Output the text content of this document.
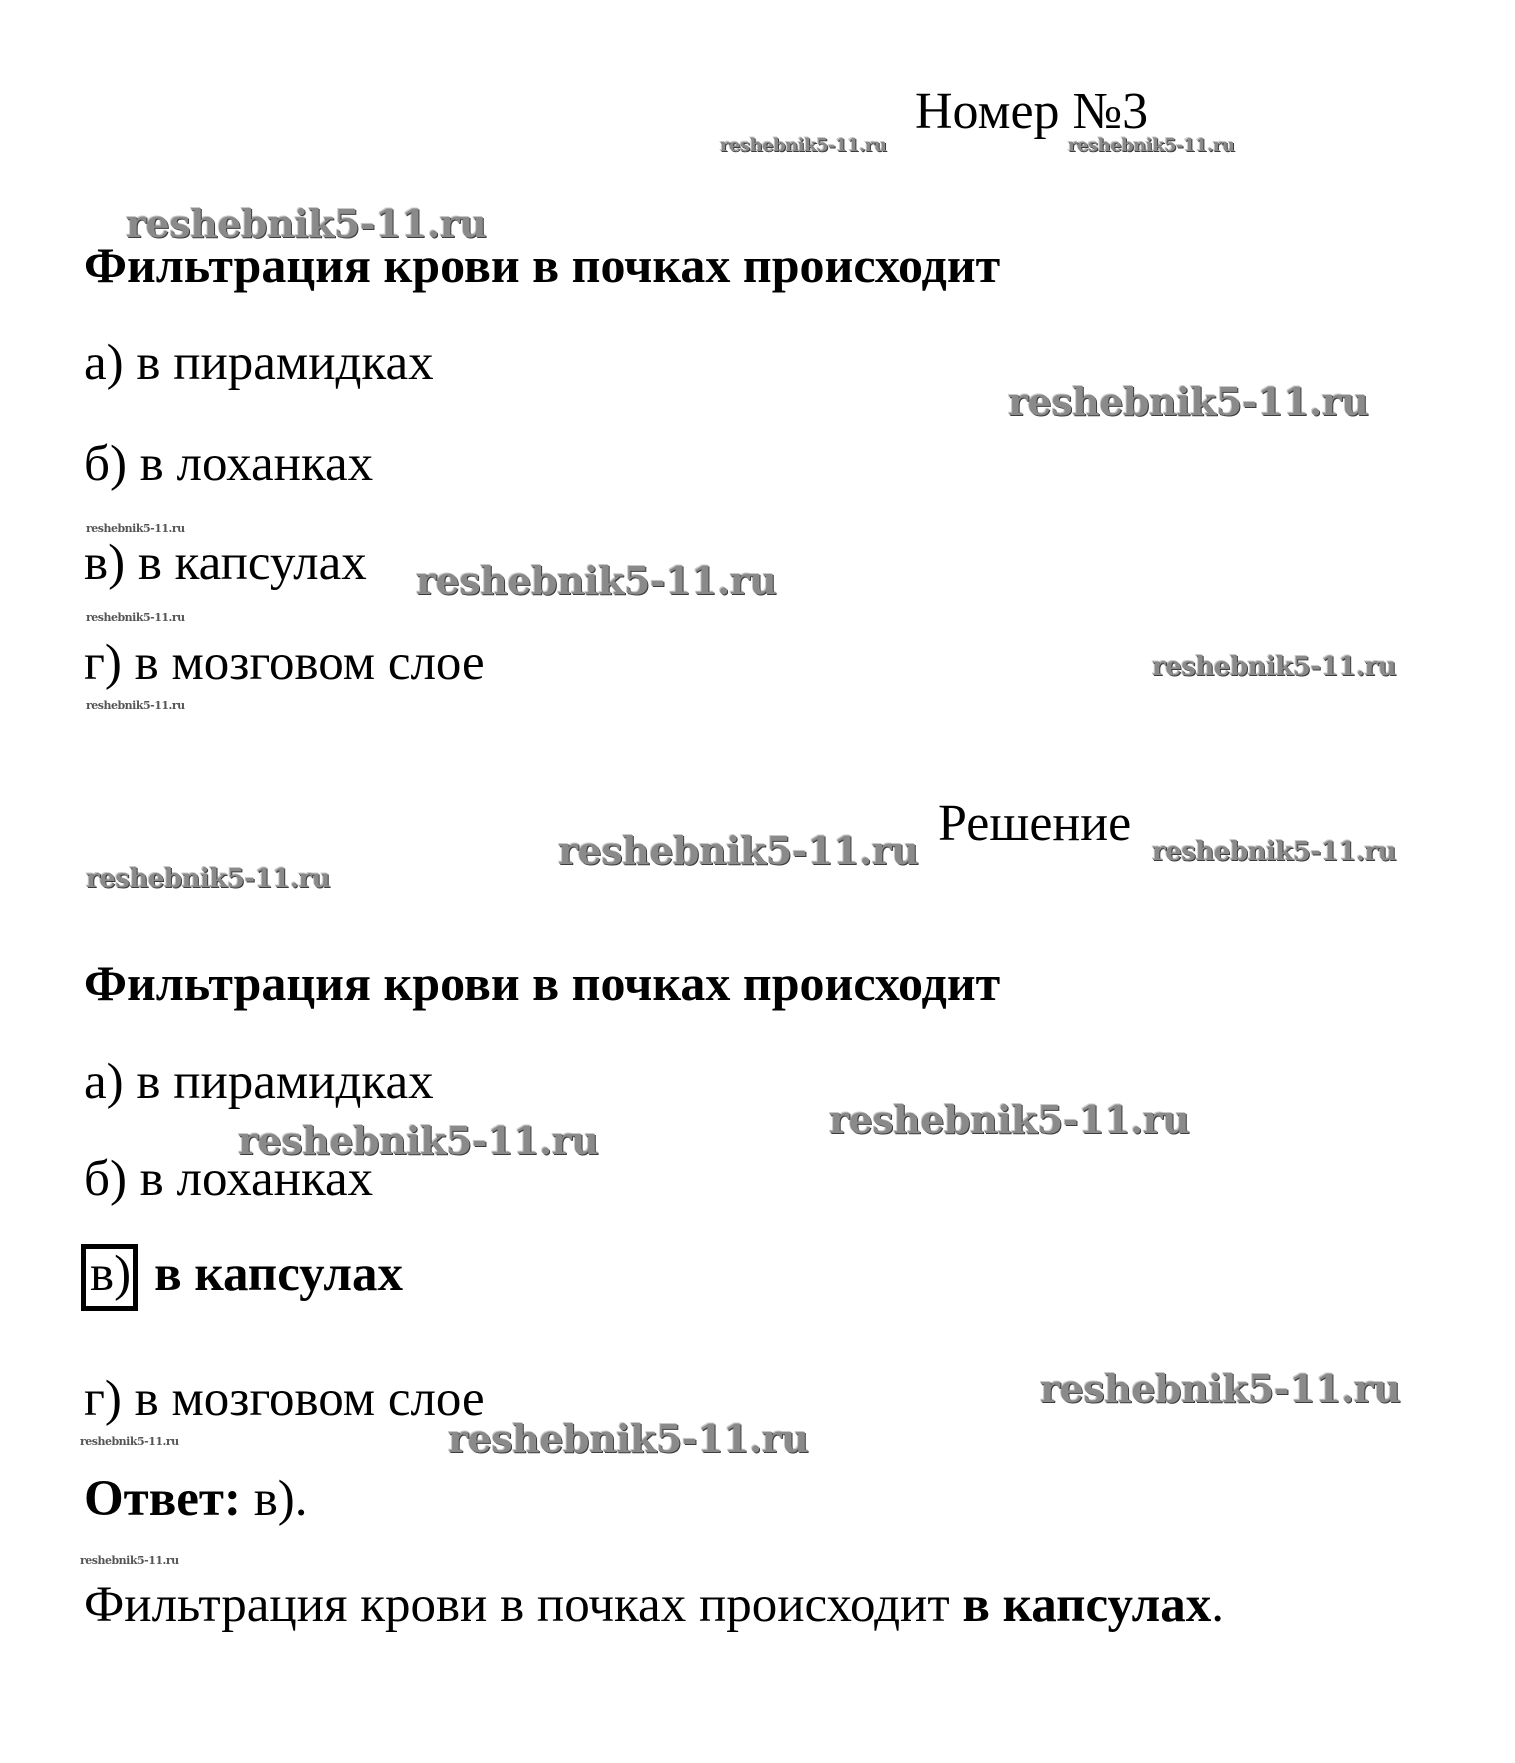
Номер №3
Фильтрация крови в почках происходит
а) в пирамидках
б) в лоханках
в) в капсулах
г) в мозговом слое
Решение
Фильтрация крови в почках происходит
а) в пирамидках
б) в лоханках
в) в капсулах
г) в мозговом слое
Ответ: в).
Фильтрация крови в почках происходит в капсулах.
reshebnik5-11.ru	reshebnik5-11.ru
reshebnik5-11.ru
reshebnik5-11.ru
reshebnik5-11.ru
reshebnik5-11.ru
reshebnik5-11.ru
reshebnik5-11.ru
reshebnik5-11.ru
reshebnik5-11.ru	reshebnik5-11.ru
reshebnik5-11.ru
reshebnik5-11.ru
reshebnik5-11.ru
reshebnik5-11.ru
reshebnik5-11.ru
reshebnik5-11.ru
reshebnik5-11.ru
